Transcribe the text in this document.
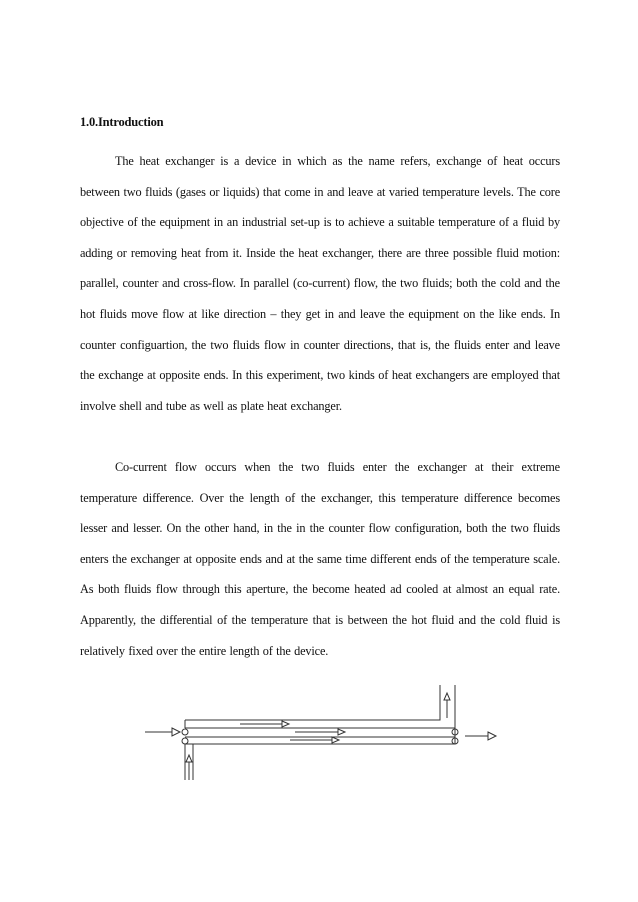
1.0.Introduction
The heat exchanger is a device in which as the name refers, exchange of heat occurs between two fluids (gases or liquids) that come in and leave at varied temperature levels. The core objective of the equipment in an industrial set-up is to achieve a suitable temperature of a fluid by adding or removing heat from it. Inside the heat exchanger, there are three possible fluid motion: parallel, counter and cross-flow. In parallel (co-current) flow, the two fluids; both the cold and the hot fluids move flow at like direction – they get in and leave the equipment on the like ends. In counter configuartion, the two fluids flow in counter directions, that is, the fluids enter and leave the exchange at opposite ends. In this experiment, two kinds of heat exchangers are employed that involve shell and tube as well as plate heat exchanger.
Co-current flow occurs when the two fluids enter the exchanger at their extreme temperature difference. Over the length of the exchanger, this temperature difference becomes lesser and lesser. On the other hand, in the in the counter flow configuration, both the two fluids enters the exchanger at opposite ends and at the same time different ends of the temperature scale. As both fluids flow through this aperture, the become heated ad cooled at almost an equal rate. Apparently, the differential of the temperature that is between the hot fluid and the cold fluid is relatively fixed over the entire length of the device.
